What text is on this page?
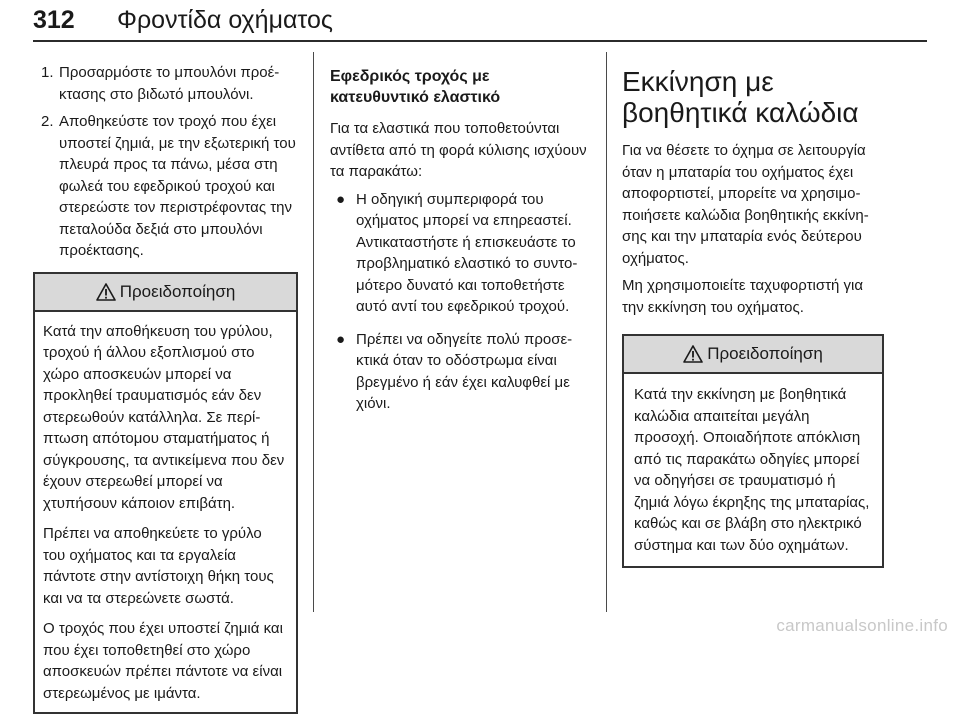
312 Φροντίδα οχήματος
1. Προσαρμόστε το μπουλόνι προέκτασης στο βιδωτό μπουλόνι.
2. Αποθηκεύστε τον τροχό που έχει υποστεί ζημιά, με την εξωτερική του πλευρά προς τα πάνω, μέσα στη φωλεά του εφεδρικού τροχού και στερεώστε τον περιστρέφοντας την πεταλούδα δεξιά στο μπουλόνι προέκτασης.
Προειδοποίηση

Κατά την αποθήκευση του γρύλου, τροχού ή άλλου εξοπλισμού στο χώρο αποσκευών μπορεί να προκληθεί τραυματισμός εάν δεν στερεωθούν κατάλληλα. Σε περίπτωση απότομου σταματήματος ή σύγκρουσης, τα αντικείμενα που δεν έχουν στερεωθεί μπορεί να χτυπήσουν κάποιον επιβάτη.

Πρέπει να αποθηκεύετε το γρύλο του οχήματος και τα εργαλεία πάντοτε στην αντίστοιχη θήκη τους και να τα στερεώνετε σωστά.

Ο τροχός που έχει υποστεί ζημιά και που έχει τοποθετηθεί στο χώρο αποσκευών πρέπει πάντοτε να είναι στερεωμένος με ιμάντα.

Εφεδρικός τροχός με κατευθυντικό ελαστικό

Για τα ελαστικά που τοποθετούνται αντίθετα από τη φορά κύλισης ισχύουν τα παρακάτω:

● Η οδηγική συμπεριφορά του οχήματος μπορεί να επηρεαστεί. Αντικαταστήστε ή επισκευάστε το προβληματικό ελαστικό το συντομότερο δυνατό και τοποθετήστε αυτό αντί του εφεδρικού τροχού.
● Πρέπει να οδηγείτε πολύ προσεκτικά όταν το οδόστρωμα είναι βρεγμένο ή εάν έχει καλυφθεί με χιόνι.
Εκκίνηση με βοηθητικά καλώδια

Για να θέσετε το όχημα σε λειτουργία όταν η μπαταρία του οχήματος έχει αποφορτιστεί, μπορείτε να χρησιμοποιήσετε καλώδια βοηθητικής εκκίνησης και την μπαταρία ενός δεύτερου οχήματος.

Μη χρησιμοποιείτε ταχυφορτιστή για την εκκίνηση του οχήματος.

Προειδοποίηση

Κατά την εκκίνηση με βοηθητικά καλώδια απαιτείται μεγάλη προσοχή. Οποιαδήποτε απόκλιση από τις παρακάτω οδηγίες μπορεί να οδηγήσει σε τραυματισμό ή ζημιά λόγω έκρηξης της μπαταρίας, καθώς και σε βλάβη στο ηλεκτρικό σύστημα και των δύο οχημάτων.

carmanualsonline.info
